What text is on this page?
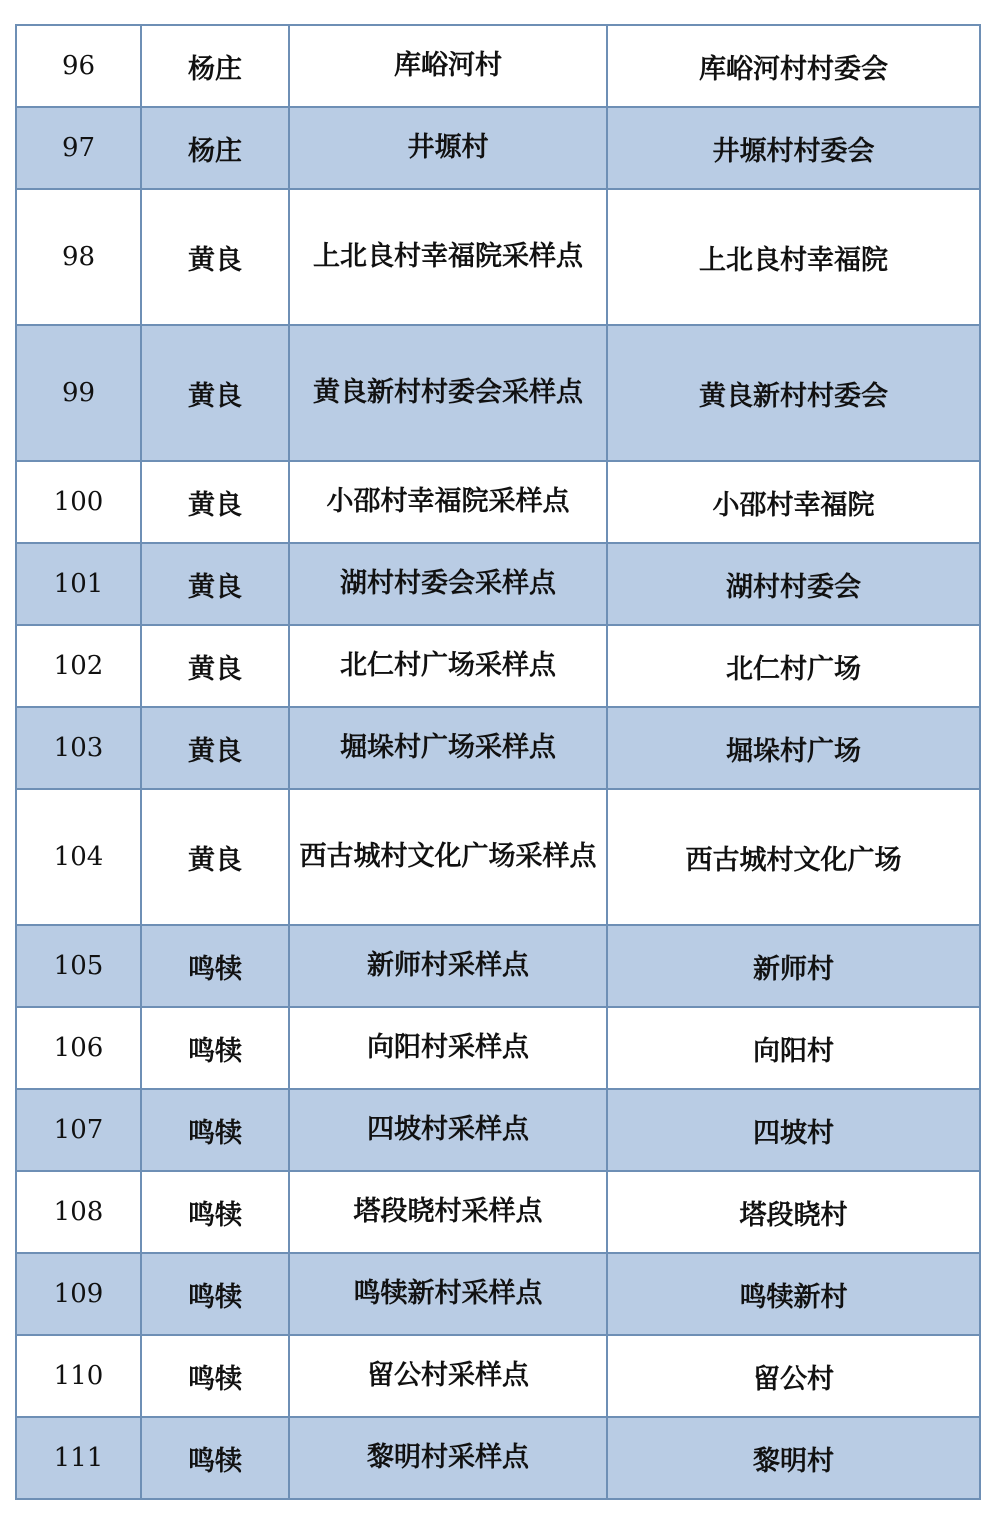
96	杨庄	库峪河村	库峪河村村委会
97	杨庄	井塬村	井塬村村委会
98	黄良	上北良村幸福院采样点	上北良村幸福院
99	黄良	黄良新村村委会采样点	黄良新村村委会
100	黄良	小邵村幸福院采样点	小邵村幸福院
101	黄良	湖村村委会采样点	湖村村委会
102	黄良	北仁村广场采样点	北仁村广场
103	黄良	堀垛村广场采样点	堀垛村广场
104	黄良	西古城村文化广场采样点	西古城村文化广场
105	鸣犊	新师村采样点	新师村
106	鸣犊	向阳村采样点	向阳村
107	鸣犊	四坡村采样点	四坡村
108	鸣犊	塔段晓村采样点	塔段晓村
109	鸣犊	鸣犊新村采样点	鸣犊新村
110	鸣犊	留公村采样点	留公村
111	鸣犊	黎明村采样点	黎明村
